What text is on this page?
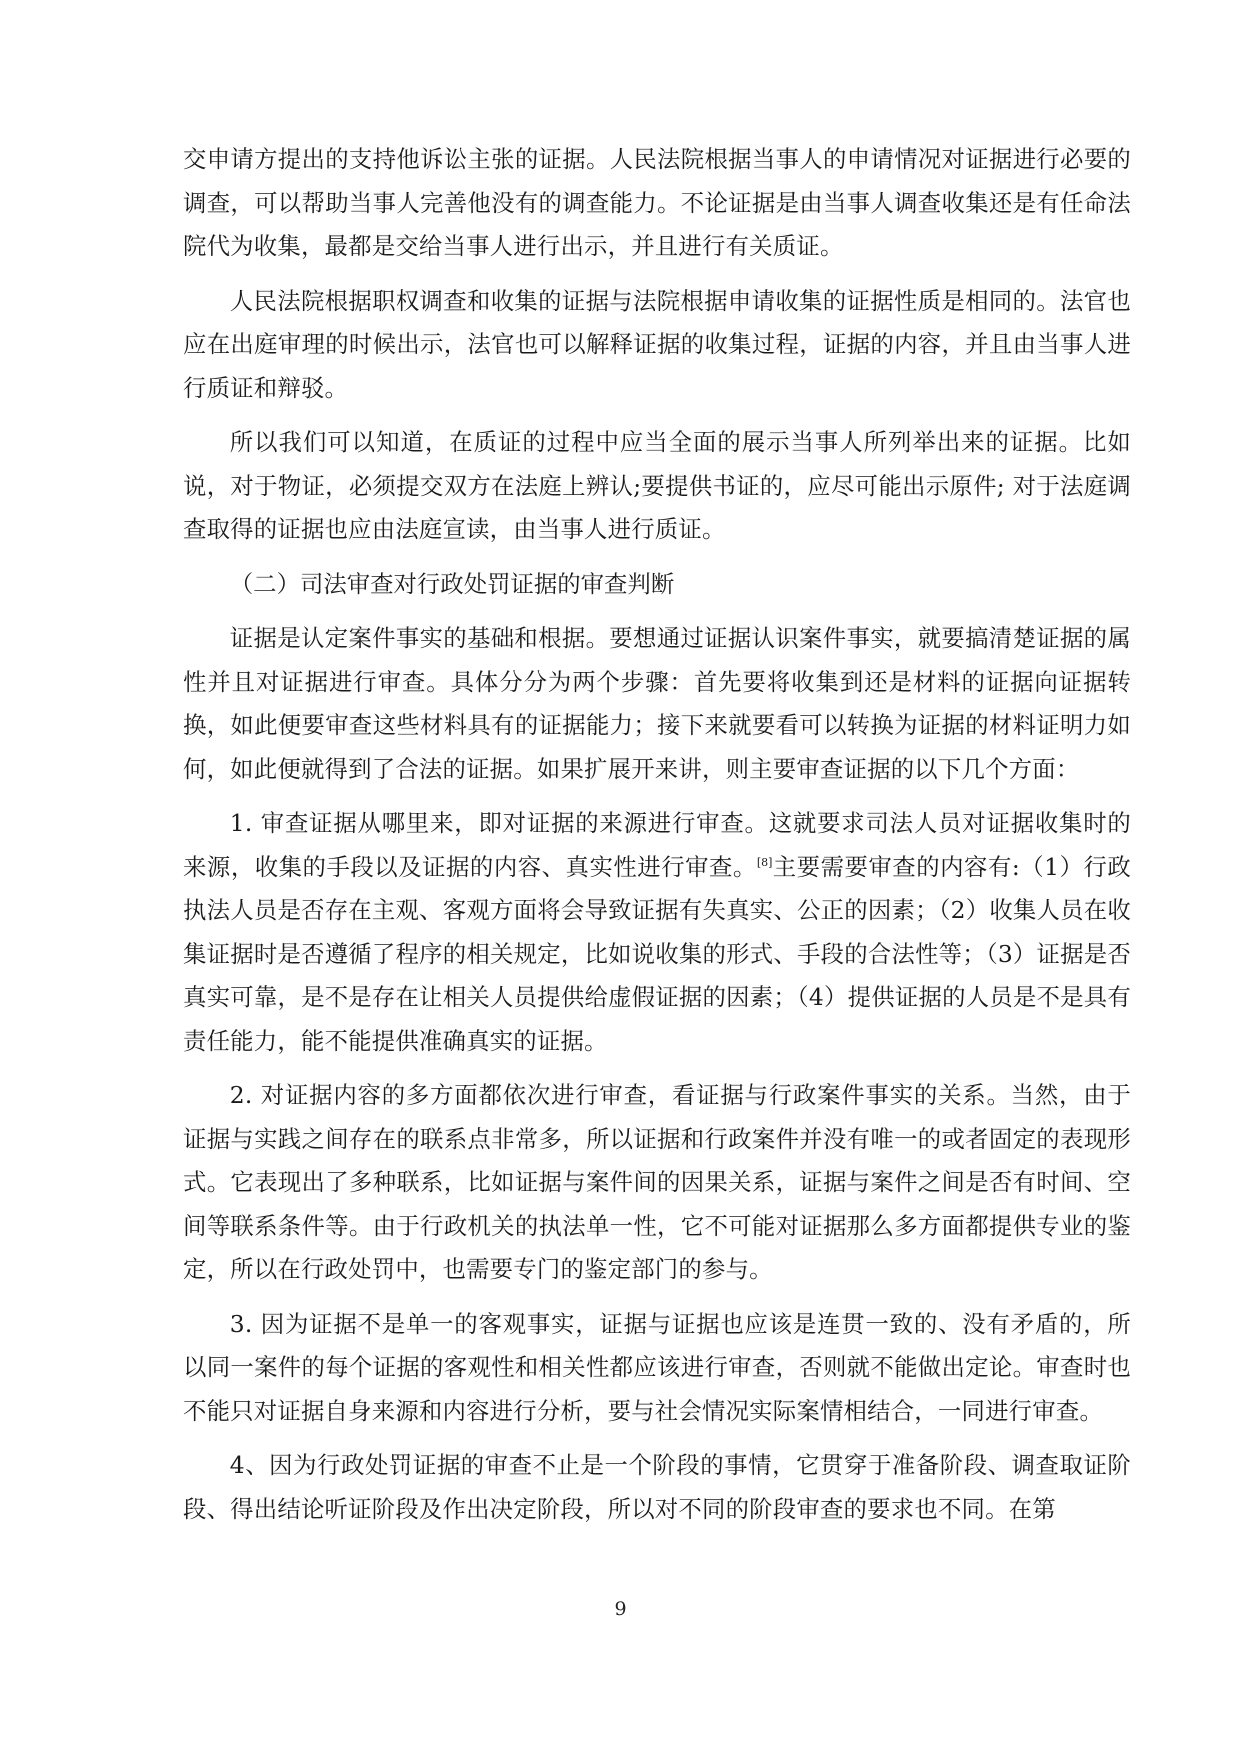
交申请方提出的支持他诉讼主张的证据。人民法院根据当事人的申请情况对证据进行必要的调查，可以帮助当事人完善他没有的调查能力。不论证据是由当事人调查收集还是有任命法院代为收集，最都是交给当事人进行出示，并且进行有关质证。

人民法院根据职权调查和收集的证据与法院根据申请收集的证据性质是相同的。法官也应在出庭审理的时候出示，法官也可以解释证据的收集过程，证据的内容，并且由当事人进行质证和辩驳。

所以我们可以知道，在质证的过程中应当全面的展示当事人所列举出来的证据。比如说，对于物证，必须提交双方在法庭上辨认;要提供书证的，应尽可能出示原件; 对于法庭调查取得的证据也应由法庭宣读，由当事人进行质证。

（二）司法审查对行政处罚证据的审查判断

证据是认定案件事实的基础和根据。要想通过证据认识案件事实，就要搞清楚证据的属性并且对证据进行审查。具体分分为两个步骤：首先要将收集到还是材料的证据向证据转换，如此便要审查这些材料具有的证据能力；接下来就要看可以转换为证据的材料证明力如何，如此便就得到了合法的证据。如果扩展开来讲，则主要审查证据的以下几个方面：

1. 审查证据从哪里来，即对证据的来源进行审查。这就要求司法人员对证据收集时的来源，收集的手段以及证据的内容、真实性进行审查。[8]主要需要审查的内容有:（1）行政执法人员是否存在主观、客观方面将会导致证据有失真实、公正的因素；（2）收集人员在收集证据时是否遵循了程序的相关规定，比如说收集的形式、手段的合法性等；（3）证据是否真实可靠，是不是存在让相关人员提供给虚假证据的因素；（4）提供证据的人员是不是具有责任能力，能不能提供准确真实的证据。

2. 对证据内容的多方面都依次进行审查，看证据与行政案件事实的关系。当然，由于证据与实践之间存在的联系点非常多，所以证据和行政案件并没有唯一的或者固定的表现形式。它表现出了多种联系，比如证据与案件间的因果关系，证据与案件之间是否有时间、空间等联系条件等。由于行政机关的执法单一性，它不可能对证据那么多方面都提供专业的鉴定，所以在行政处罚中，也需要专门的鉴定部门的参与。

3. 因为证据不是单一的客观事实，证据与证据也应该是连贯一致的、没有矛盾的，所以同一案件的每个证据的客观性和相关性都应该进行审查，否则就不能做出定论。审查时也不能只对证据自身来源和内容进行分析，要与社会情况实际案情相结合，一同进行审查。

4、因为行政处罚证据的审查不止是一个阶段的事情，它贯穿于准备阶段、调查取证阶段、得出结论听证阶段及作出决定阶段，所以对不同的阶段审查的要求也不同。在第

9
